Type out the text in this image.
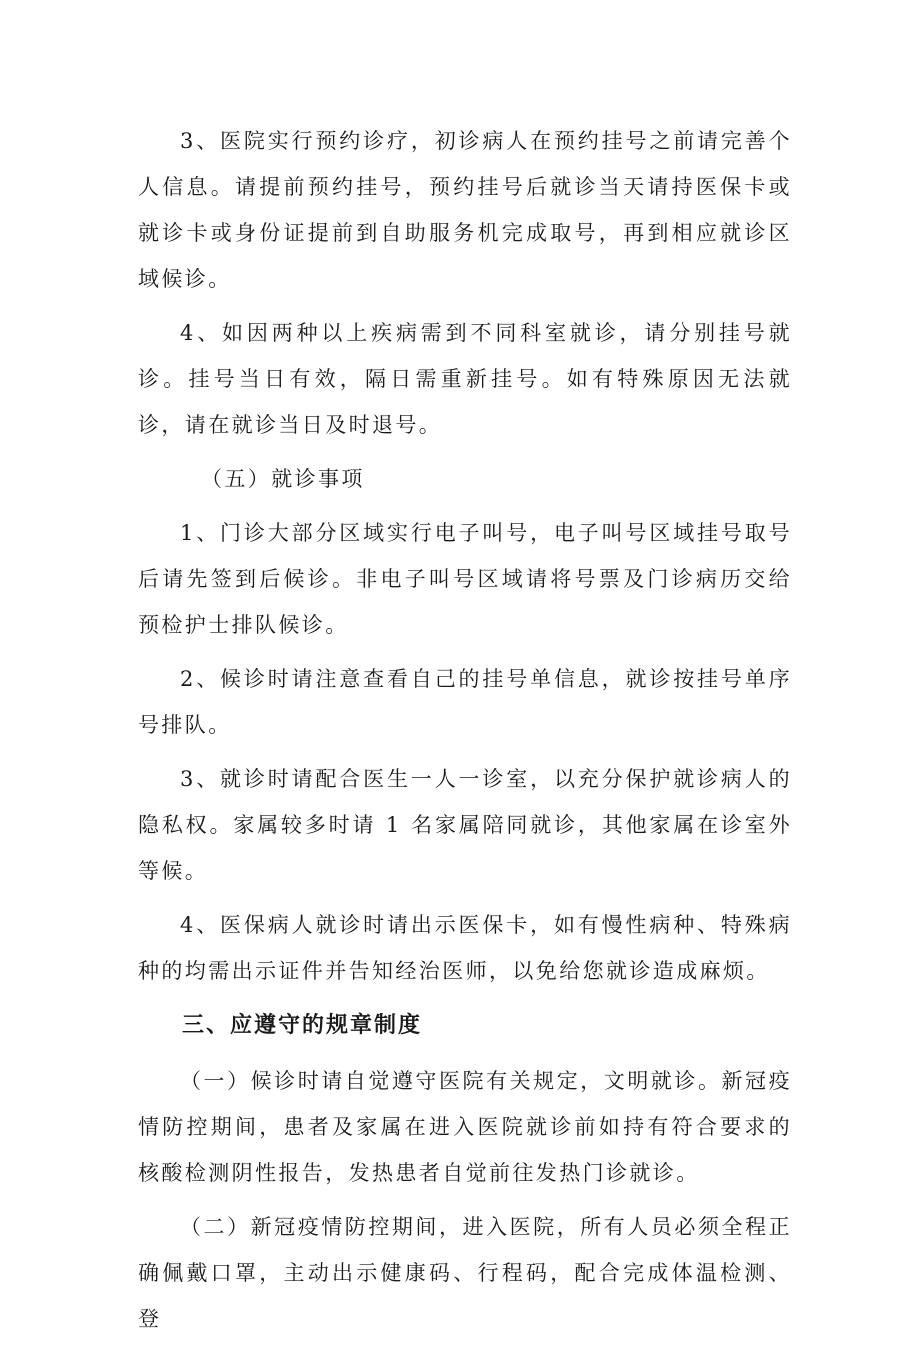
3、医院实行预约诊疗，初诊病人在预约挂号之前请完善个人信息。请提前预约挂号，预约挂号后就诊当天请持医保卡或就诊卡或身份证提前到自助服务机完成取号，再到相应就诊区域候诊。

4、如因两种以上疾病需到不同科室就诊，请分别挂号就诊。挂号当日有效，隔日需重新挂号。如有特殊原因无法就诊，请在就诊当日及时退号。

（五）就诊事项

1、门诊大部分区域实行电子叫号，电子叫号区域挂号取号后请先签到后候诊。非电子叫号区域请将号票及门诊病历交给预检护士排队候诊。

2、候诊时请注意查看自己的挂号单信息，就诊按挂号单序号排队。

3、就诊时请配合医生一人一诊室，以充分保护就诊病人的隐私权。家属较多时请 1 名家属陪同就诊，其他家属在诊室外等候。

4、医保病人就诊时请出示医保卡，如有慢性病种、特殊病种的均需出示证件并告知经治医师，以免给您就诊造成麻烦。

三、应遵守的规章制度

（一）候诊时请自觉遵守医院有关规定，文明就诊。新冠疫情防控期间，患者及家属在进入医院就诊前如持有符合要求的核酸检测阴性报告，发热患者自觉前往发热门诊就诊。

（二）新冠疫情防控期间，进入医院，所有人员必须全程正确佩戴口罩，主动出示健康码、行程码，配合完成体温检测、登
